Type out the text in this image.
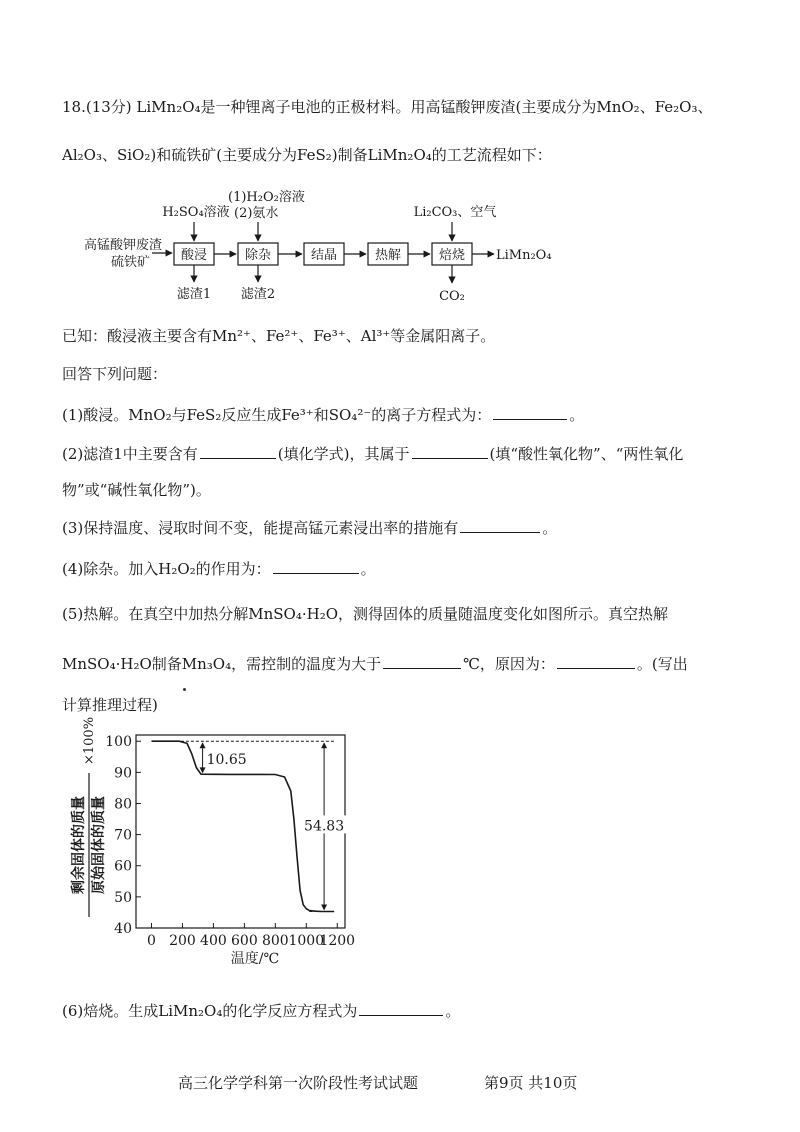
18.(13分) LiMn₂O₄是一种锂离子电池的正极材料。用高锰酸钾废渣(主要成分为MnO₂、Fe₂O₃、
Al₂O₃、SiO₂)和硫铁矿(主要成分为FeS₂)制备LiMn₂O₄的工艺流程如下：
高锰酸钾废渣
硫铁矿 酸浸	除杂	结晶	热解	焙烧 LiMn₂O₄
H₂SO₄溶液
(1)H₂O₂溶液
(2)氨水	Li₂CO₃、空气
滤渣1 滤渣2	CO₂
已知：酸浸液主要含有Mn²⁺、Fe²⁺、Fe³⁺、Al³⁺等金属阳离子。
回答下列问题：
(1)酸浸。MnO₂与FeS₂反应生成Fe³⁺和SO₄²⁻的离子方程式为：	。
(2)滤渣1中主要含有	(填化学式)，其属于	(填“酸性氧化物”、“两性氧化
物”或“碱性氧化物”)。
(3)保持温度、浸取时间不变，能提高锰元素浸出率的措施有	。
(4)除杂。加入H₂O₂的作用为：	。
(5)热解。在真空中加热分解MnSO₄·H₂O，测得固体的质量随温度变化如图所示。真空热解
MnSO₄·H₂O制备Mn₃O₄，需控制的温度为大于	℃，原因为：	。(写出
计算推理过程)
40
50
60
70
80
90
100
0 200 400 600 800 1000
1200
10.65
54.83
剩余固体的质量 原始固体的质量
×100%
温度/℃
(6)焙烧。生成LiMn₂O₄的化学反应方程式为	。
高三化学学科第一次阶段性考试试题	第9页 共10页
